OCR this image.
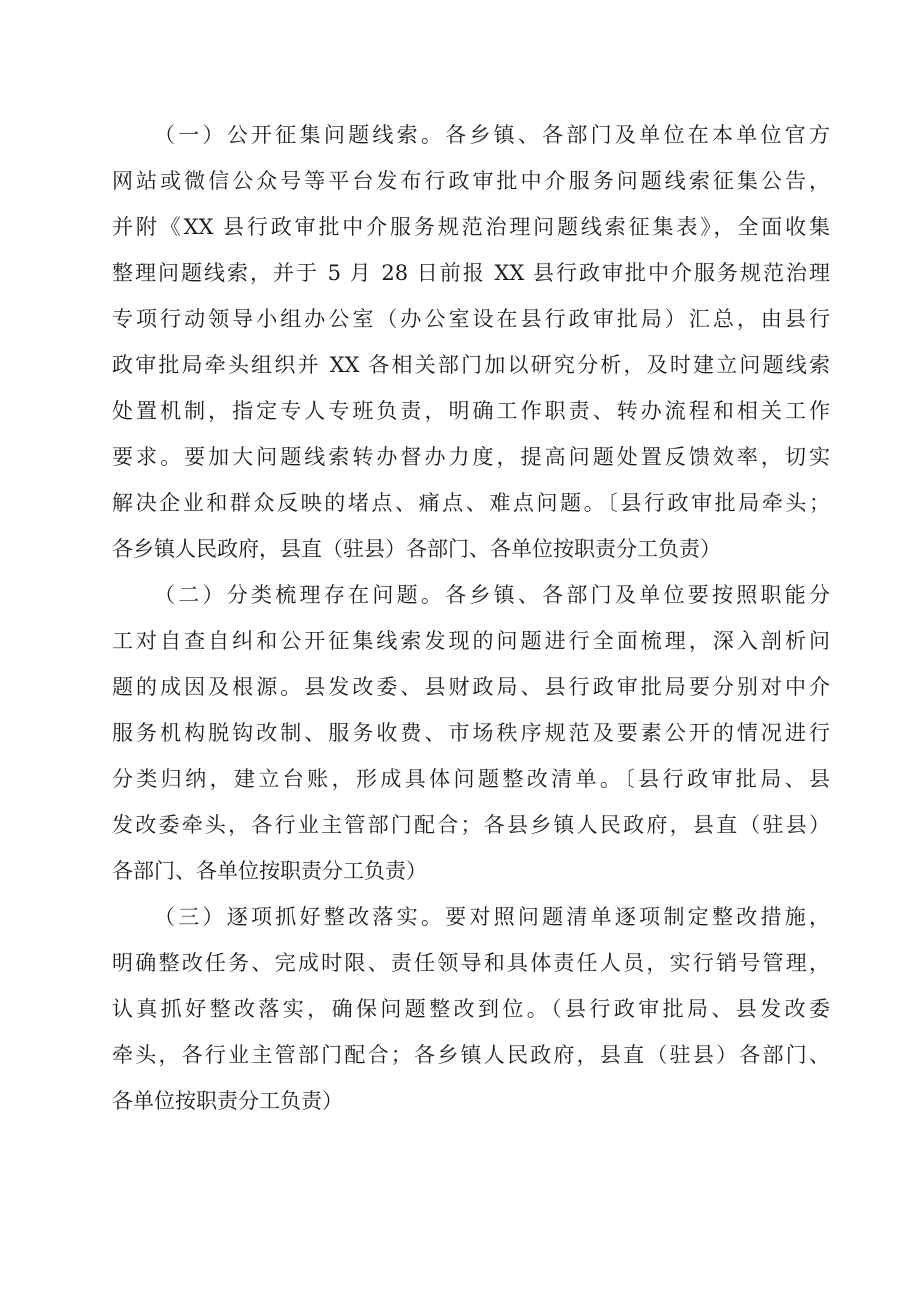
（一）公开征集问题线索。各乡镇、各部门及单位在本单位官方
网站或微信公众号等平台发布行政审批中介服务问题线索征集公告，
并附《XX 县行政审批中介服务规范治理问题线索征集表》，全面收集
整理问题线索，并于 5 月 28 日前报 XX 县行政审批中介服务规范治理
专项行动领导小组办公室（办公室设在县行政审批局）汇总，由县行
政审批局牵头组织并 XX 各相关部门加以研究分析，及时建立问题线索
处置机制，指定专人专班负责，明确工作职责、转办流程和相关工作
要求。要加大问题线索转办督办力度，提高问题处置反馈效率，切实
解决企业和群众反映的堵点、痛点、难点问题。〔县行政审批局牵头；
各乡镇人民政府，县直（驻县）各部门、各单位按职责分工负责）

（二）分类梳理存在问题。各乡镇、各部门及单位要按照职能分
工对自查自纠和公开征集线索发现的问题进行全面梳理，深入剖析问
题的成因及根源。县发改委、县财政局、县行政审批局要分别对中介
服务机构脱钩改制、服务收费、市场秩序规范及要素公开的情况进行
分类归纳，建立台账，形成具体问题整改清单。〔县行政审批局、县
发改委牵头，各行业主管部门配合；各县乡镇人民政府，县直（驻县）
各部门、各单位按职责分工负责）

（三）逐项抓好整改落实。要对照问题清单逐项制定整改措施，
明确整改任务、完成时限、责任领导和具体责任人员，实行销号管理，
认真抓好整改落实，确保问题整改到位。（县行政审批局、县发改委
牵头，各行业主管部门配合；各乡镇人民政府，县直（驻县）各部门、
各单位按职责分工负责）
